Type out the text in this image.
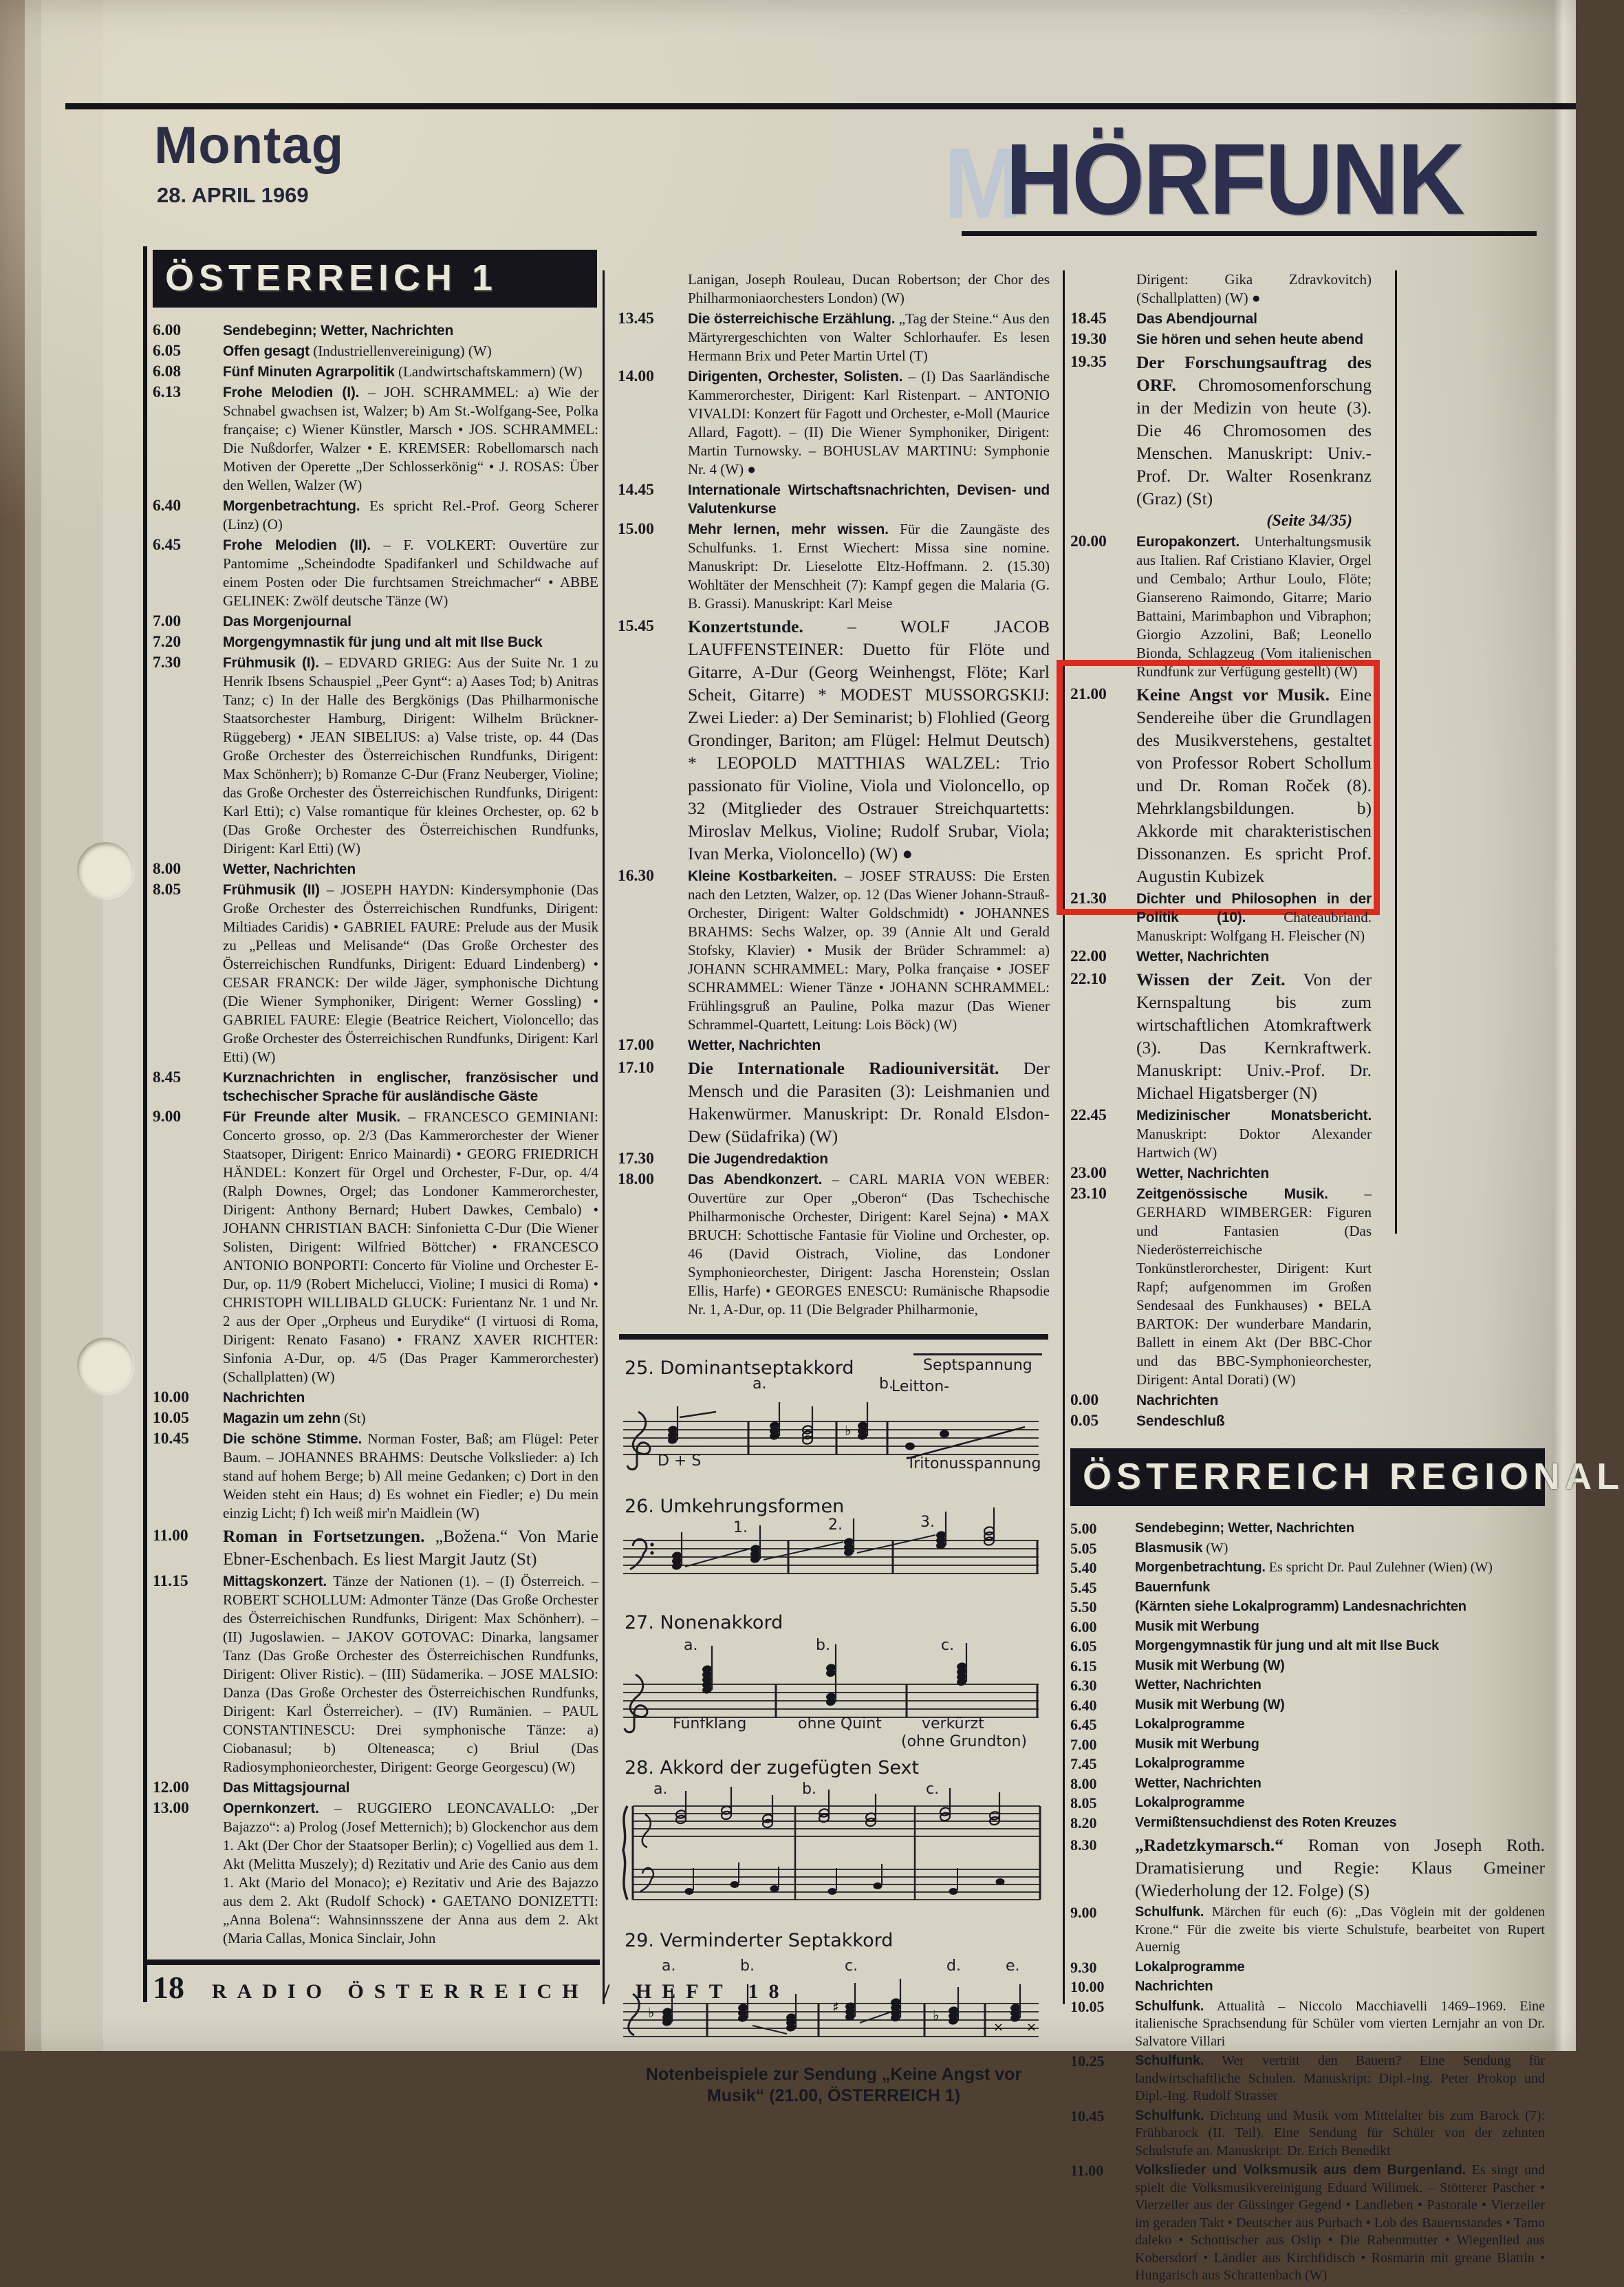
Montag
28. APRIL 1969	M
HÖRFUNK
ÖSTERREICH 1
6.00	Sendebeginn; Wetter, Nachrichten
6.05	Offen gesagt (Industriellenvereinigung) (W)
6.08	Fünf Minuten Agrarpolitik (Landwirtschaftskammern) (W)
6.13	Frohe Melodien (I). – JOH. SCHRAMMEL: a) Wie der Schnabel gwachsen ist, Walzer; b) Am St.-Wolfgang-See, Polka française; c) Wiener Künstler, Marsch • JOS. SCHRAMMEL: Die Nußdorfer, Walzer • E. KREMSER: Robellomarsch nach Motiven der Operette „Der Schlosserkönig“ • J. ROSAS: Über den Wellen, Walzer (W)
6.40	Morgenbetrachtung. Es spricht Rel.-Prof. Georg Scherer (Linz) (O)
6.45	Frohe Melodien (II). – F. VOLKERT: Ouvertüre zur Pantomime „Scheindodte Spadifankerl und Schildwache auf einem Posten oder Die furchtsamen Streichmacher“ • ABBE GELINEK: Zwölf deutsche Tänze (W)
7.00	Das Morgenjournal
7.20	Morgengymnastik für jung und alt mit Ilse Buck
7.30	Frühmusik (I). – EDVARD GRIEG: Aus der Suite Nr. 1 zu Henrik Ibsens Schauspiel „Peer Gynt“: a) Aases Tod; b) Anitras Tanz; c) In der Halle des Bergkönigs (Das Philharmonische Staatsorchester Hamburg, Dirigent: Wilhelm Brückner-Rüggeberg) • JEAN SIBELIUS: a) Valse triste, op. 44 (Das Große Orchester des Österreichischen Rundfunks, Dirigent: Max Schönherr); b) Romanze C-Dur (Franz Neuberger, Violine; das Große Orchester des Österreichischen Rundfunks, Dirigent: Karl Etti); c) Valse romantique für kleines Orchester, op. 62 b (Das Große Orchester des Österreichischen Rundfunks, Dirigent: Karl Etti) (W)
8.00	Wetter, Nachrichten
8.05	Frühmusik (II) – JOSEPH HAYDN: Kindersymphonie (Das Große Orchester des Österreichischen Rundfunks, Dirigent: Miltiades Caridis) • GABRIEL FAURE: Prelude aus der Musik zu „Pelleas und Melisande“ (Das Große Orchester des Österreichischen Rundfunks, Dirigent: Eduard Lindenberg) • CESAR FRANCK: Der wilde Jäger, symphonische Dichtung (Die Wiener Symphoniker, Dirigent: Werner Gossling) • GABRIEL FAURE: Elegie (Beatrice Reichert, Violoncello; das Große Orchester des Österreichischen Rundfunks, Dirigent: Karl Etti) (W)
8.45	Kurznachrichten in englischer, französischer und tschechischer Sprache für ausländische Gäste
9.00	Für Freunde alter Musik. – FRANCESCO GEMINIANI: Concerto grosso, op. 2/3 (Das Kammerorchester der Wiener Staatsoper, Dirigent: Enrico Mainardi) • GEORG FRIEDRICH HÄNDEL: Konzert für Orgel und Orchester, F-Dur, op. 4/4 (Ralph Downes, Orgel; das Londoner Kammerorchester, Dirigent: Anthony Bernard; Hubert Dawkes, Cembalo) • JOHANN CHRISTIAN BACH: Sinfonietta C-Dur (Die Wiener Solisten, Dirigent: Wilfried Böttcher) • FRANCESCO ANTONIO BONPORTI: Concerto für Violine und Orchester E-Dur, op. 11/9 (Robert Michelucci, Violine; I musici di Roma) • CHRISTOPH WILLIBALD GLUCK: Furientanz Nr. 1 und Nr. 2 aus der Oper „Orpheus und Eurydike“ (I virtuosi di Roma, Dirigent: Renato Fasano) • FRANZ XAVER RICHTER: Sinfonia A-Dur, op. 4/5 (Das Prager Kammerorchester) (Schallplatten) (W)
10.00	Nachrichten
10.05	Magazin um zehn (St)
10.45	Die schöne Stimme. Norman Foster, Baß; am Flügel: Peter Baum. – JOHANNES BRAHMS: Deutsche Volkslieder: a) Ich stand auf hohem Berge; b) All meine Gedanken; c) Dort in den Weiden steht ein Haus; d) Es wohnet ein Fiedler; e) Du mein einzig Licht; f) Ich weiß mir'n Maidlein (W)
11.00	Roman in Fortsetzungen. „Božena.“ Von Marie Ebner-Eschenbach. Es liest Margit Jautz (St)
11.15	Mittagskonzert. Tänze der Nationen (1). – (I) Österreich. – ROBERT SCHOLLUM: Admonter Tänze (Das Große Orchester des Österreichischen Rundfunks, Dirigent: Max Schönherr). – (II) Jugoslawien. – JAKOV GOTOVAC: Dinarka, langsamer Tanz (Das Große Orchester des Österreichischen Rundfunks, Dirigent: Oliver Ristic). – (III) Südamerika. – JOSE MALSIO: Danza (Das Große Orchester des Österreichischen Rundfunks, Dirigent: Karl Österreicher). – (IV) Rumänien. – PAUL CONSTANTINESCU: Drei symphonische Tänze: a) Ciobanasul; b) Olteneasca; c) Briul (Das Radiosymphonieorchester, Dirigent: George Georgescu) (W)
12.00	Das Mittagsjournal
13.00	Opernkonzert. – RUGGIERO LEONCAVALLO: „Der Bajazzo“: a) Prolog (Josef Metternich); b) Glockenchor aus dem 1. Akt (Der Chor der Staatsoper Berlin); c) Vogellied aus dem 1. Akt (Melitta Muszely); d) Rezitativ und Arie des Canio aus dem 1. Akt (Mario del Monaco); e) Rezitativ und Arie des Bajazzo aus dem 2. Akt (Rudolf Schock) • GAETANO DONIZETTI: „Anna Bolena“: Wahnsinnsszene der Anna aus dem 2. Akt (Maria Callas, Monica Sinclair, John
Lanigan, Joseph Rouleau, Ducan Robertson; der Chor des Philharmoniaorchesters London) (W)
13.45	Die österreichische Erzählung. „Tag der Steine.“ Aus den Märtyrergeschichten von Walter Schlorhaufer. Es lesen Hermann Brix und Peter Martin Urtel (T)
14.00	Dirigenten, Orchester, Solisten. – (I) Das Saarländische Kammerorchester, Dirigent: Karl Ristenpart. – ANTONIO VIVALDI: Konzert für Fagott und Orchester, e-Moll (Maurice Allard, Fagott). – (II) Die Wiener Symphoniker, Dirigent: Martin Turnowsky. – BOHUSLAV MARTINU: Symphonie Nr. 4 (W) ●
14.45	Internationale Wirtschaftsnachrichten, Devisen- und Valutenkurse
15.00	Mehr lernen, mehr wissen. Für die Zaungäste des Schulfunks. 1. Ernst Wiechert: Missa sine nomine. Manuskript: Dr. Lieselotte Eltz-Hoffmann. 2. (15.30) Wohltäter der Menschheit (7): Kampf gegen die Malaria (G. B. Grassi). Manuskript: Karl Meise
15.45	Konzertstunde. – WOLF JACOB LAUFFENSTEINER: Duetto für Flöte und Gitarre, A-Dur (Georg Weinhengst, Flöte; Karl Scheit, Gitarre) * MODEST MUSSORGSKIJ: Zwei Lieder: a) Der Seminarist; b) Flohlied (Georg Grondinger, Bariton; am Flügel: Helmut Deutsch) * LEOPOLD MATTHIAS WALZEL: Trio passionato für Violine, Viola und Violoncello, op 32 (Mitglieder des Ostrauer Streichquartetts: Miroslav Melkus, Violine; Rudolf Srubar, Viola; Ivan Merka, Violoncello) (W) ●
16.30	Kleine Kostbarkeiten. – JOSEF STRAUSS: Die Ersten nach den Letzten, Walzer, op. 12 (Das Wiener Johann-Strauß-Orchester, Dirigent: Walter Goldschmidt) • JOHANNES BRAHMS: Sechs Walzer, op. 39 (Annie Alt und Gerald Stofsky, Klavier) • Musik der Brüder Schrammel: a) JOHANN SCHRAMMEL: Mary, Polka française • JOSEF SCHRAMMEL: Wiener Tänze • JOHANN SCHRAMMEL: Frühlingsgruß an Pauline, Polka mazur (Das Wiener Schrammel-Quartett, Leitung: Lois Böck) (W)
17.00	Wetter, Nachrichten
17.10	Die Internationale Radiouniversität. Der Mensch und die Parasiten (3): Leishmanien und Hakenwürmer. Manuskript: Dr. Ronald Elsdon-Dew (Südafrika) (W)
17.30	Die Jugendredaktion
18.00	Das Abendkonzert. – CARL MARIA VON WEBER: Ouvertüre zur Oper „Oberon“ (Das Tschechische Philharmonische Orchester, Dirigent: Karel Sejna) • MAX BRUCH: Schottische Fantasie für Violine und Orchester, op. 46 (David Oistrach, Violine, das Londoner Symphonieorchester, Dirigent: Jascha Horenstein; Osslan Ellis, Harfe) • GEORGES ENESCU: Rumänische Rhapsodie Nr. 1, A-Dur, op. 11 (Die Belgrader Philharmonie,
25. Dominantseptakkord	Septspannung
Leitton-
a.	b.
D + S	Tritonusspannung
♭
26. Umkehrungsformen
1.	2.	3.
27. Nonenakkord
a.	b.	c.
Fünfklang	ohne Quint	verkürzt
(ohne Grundton)
28. Akkord der zugefügten Sext
a.	b.	c.
29. Verminderter Septakkord
a.	b.	c.	d.	e.
♭	♯	♭
× ×
Notenbeispiele zur Sendung „Keine Angst vor Musik“ (21.00, ÖSTERREICH 1)
Dirigent: Gika Zdravkovitch) (Schallplatten) (W) ●
18.45	Das Abendjournal
19.30	Sie hören und sehen heute abend
19.35	Der Forschungsauftrag des ORF. Chromosomenforschung in der Medizin von heute (3). Die 46 Chromosomen des Menschen. Manuskript: Univ.-Prof. Dr. Walter Rosenkranz (Graz) (St)
(Seite 34/35)
20.00	Europakonzert. Unterhaltungsmusik aus Italien. Raf Cristiano Klavier, Orgel und Cembalo; Arthur Loulo, Flöte; Giansereno Raimondo, Gitarre; Mario Battaini, Marimbaphon und Vibraphon; Giorgio Azzolini, Baß; Leonello Bionda, Schlagzeug (Vom italienischen Rundfunk zur Verfügung gestellt) (W)
21.00	Keine Angst vor Musik. Eine Sendereihe über die Grundlagen des Musikverstehens, gestaltet von Professor Robert Schollum und Dr. Roman Roček (8). Mehrklangsbildungen. b) Akkorde mit charakteristischen Dissonanzen. Es spricht Prof. Augustin Kubizek
21.30	Dichter und Philosophen in der Politik (10). Chateaubriand. Manuskript: Wolfgang H. Fleischer (N)
22.00	Wetter, Nachrichten
22.10	Wissen der Zeit. Von der Kernspaltung bis zum wirtschaftlichen Atomkraftwerk (3). Das Kernkraftwerk. Manuskript: Univ.-Prof. Dr. Michael Higatsberger (N)
22.45	Medizinischer Monatsbericht. Manuskript: Doktor Alexander Hartwich (W)
23.00	Wetter, Nachrichten
23.10	Zeitgenössische Musik. – GERHARD WIMBERGER: Figuren und Fantasien (Das Niederösterreichische Tonkünstlerorchester, Dirigent: Kurt Rapf; aufgenommen im Großen Sendesaal des Funkhauses) • BELA BARTOK: Der wunderbare Mandarin, Ballett in einem Akt (Der BBC-Chor und das BBC-Symphonieorchester, Dirigent: Antal Dorati) (W)
0.00	Nachrichten
0.05	Sendeschluß
ÖSTERREICH REGIONAL
5.00	Sendebeginn; Wetter, Nachrichten
5.05	Blasmusik (W)
5.40	Morgenbetrachtung. Es spricht Dr. Paul Zulehner (Wien) (W)
5.45	Bauernfunk
5.50	(Kärnten siehe Lokalprogramm) Landesnachrichten
6.00	Musik mit Werbung
6.05	Morgengymnastik für jung und alt mit Ilse Buck
6.15	Musik mit Werbung (W)
6.30	Wetter, Nachrichten
6.40	Musik mit Werbung (W)
6.45	Lokalprogramme
7.00	Musik mit Werbung
7.45	Lokalprogramme
8.00	Wetter, Nachrichten
8.05	Lokalprogramme
8.20	Vermißtensuchdienst des Roten Kreuzes
8.30	„Radetzkymarsch.“ Roman von Joseph Roth. Dramatisierung und Regie: Klaus Gmeiner (Wiederholung der 12. Folge) (S)
9.00	Schulfunk. Märchen für euch (6): „Das Vöglein mit der goldenen Krone.“ Für die zweite bis vierte Schulstufe, bearbeitet von Rupert Auernig
9.30	Lokalprogramme
10.00	Nachrichten
10.05	Schulfunk. Attualità – Niccolo Macchiavelli 1469–1969. Eine italienische Sprachsendung für Schüler vom vierten Lernjahr an von Dr. Salvatore Villari
10.25	Schulfunk. Wer vertritt den Bauern? Eine Sendung für landwirtschaftliche Schulen. Manuskript: Dipl.-Ing. Peter Prokop und Dipl.-Ing. Rudolf Strasser
10.45	Schulfunk. Dichtung und Musik vom Mittelalter bis zum Barock (7): Frühbarock (II. Teil). Eine Sendung für Schüler von der zehnten Schulstufe an. Manuskript: Dr. Erich Benedikt
11.00	Volkslieder und Volksmusik aus dem Burgenland. Es singt und spielt die Volksmusikvereinigung Eduard Wilimek. – Stötterer Pascher • Vierzeiler aus der Güssinger Gegend • Landleben • Pastorale • Vierzeiler im geraden Takt • Deutscher aus Purbach • Lob des Bauernstandes • Tamo daleko • Schottischer aus Oslip • Die Rabenmutter • Wiegenlied aus Kobersdorf • Ländler aus Kirchfidisch • Rosmarin mit greane Blattln • Hungarisch aus Schrattenbach (W)
18 RADIO ÖSTERREICH / HEFT 18
